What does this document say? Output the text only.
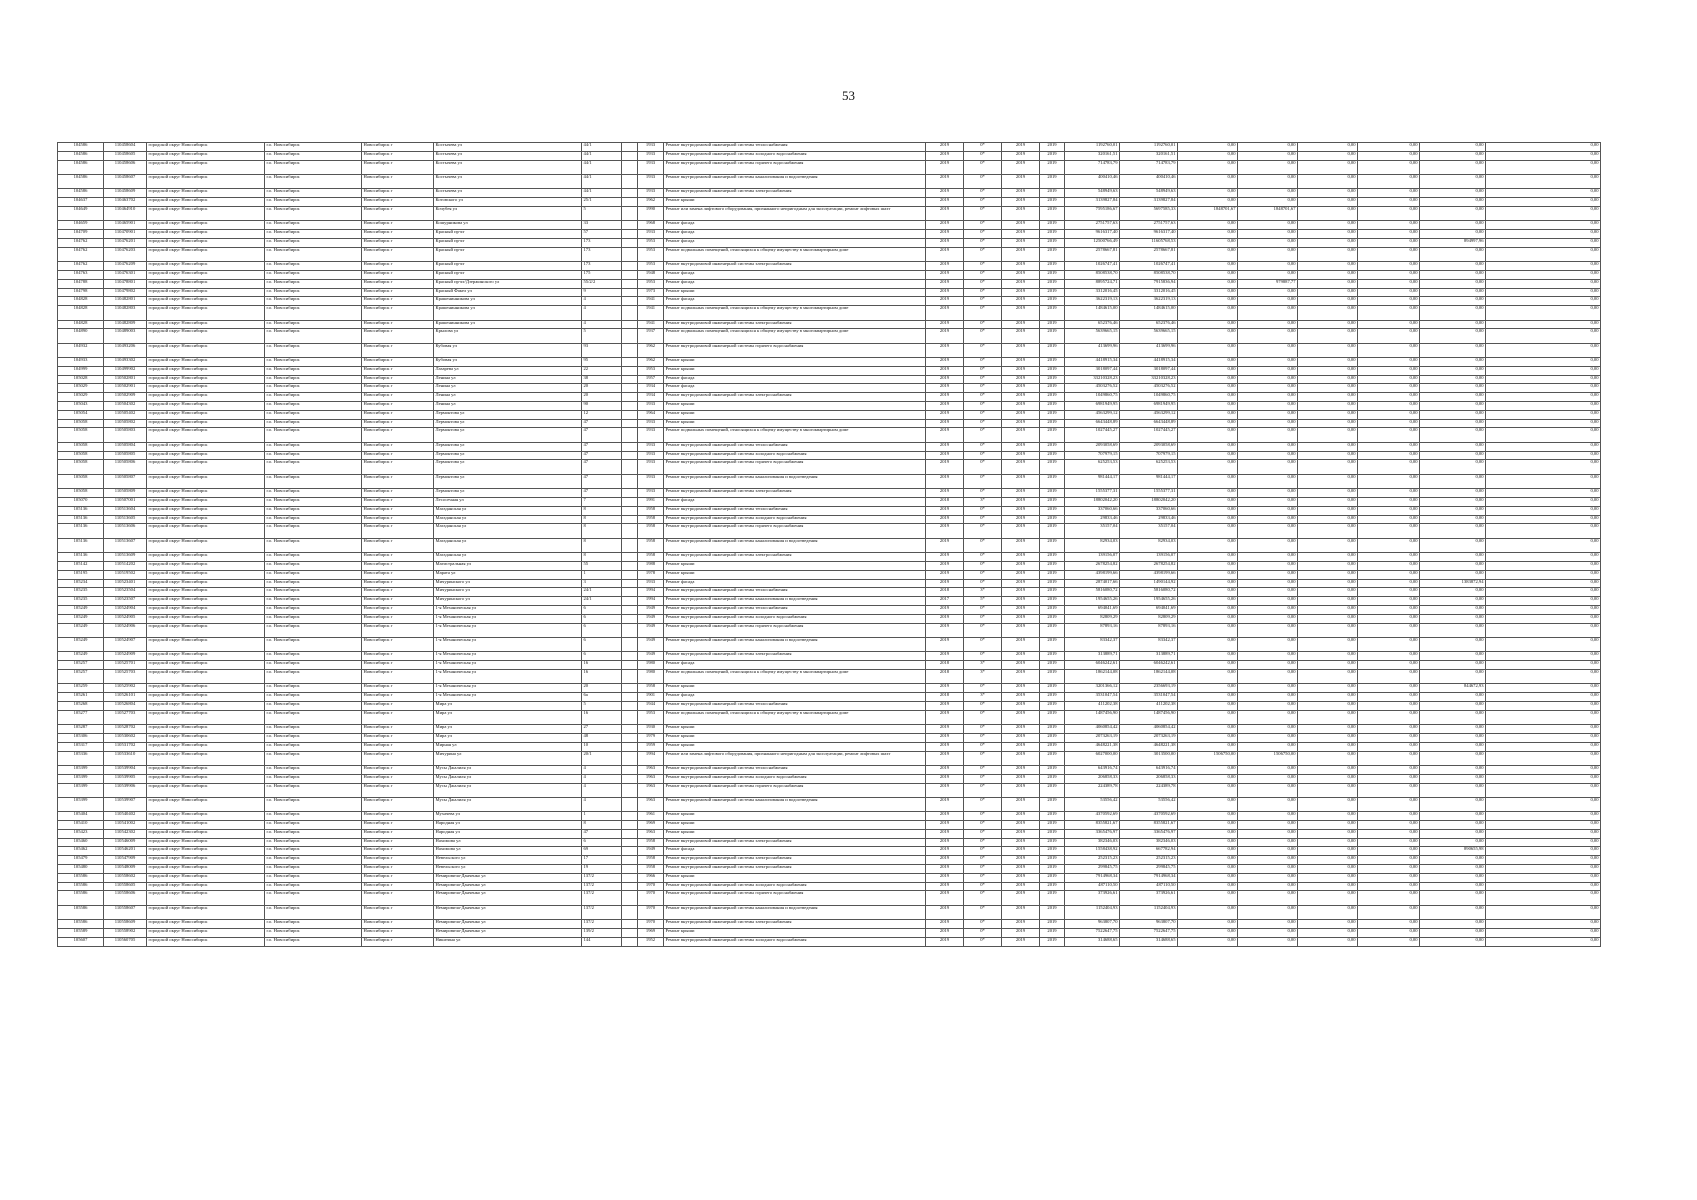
53
104586	110458604	городской округ Новосибирск	г.о. Новосибирск	Новосибирск г	Костычева ул	44/1		1933	Ремонт внутридомовой инженерной системы теплоснабжения	2019	0*	2019	2019	1192760,01	1192760,01	0,00	0,00	0,00	0,00	0,00	0,00
104586	110458605	городской округ Новосибирск	г.о. Новосибирск	Новосибирск г	Костычева ул	44/1		1933	Ремонт внутридомовой инженерной системы холодного водоснабжения	2019	0*	2019	2019	320161,51	320161,51	0,00	0,00	0,00	0,00	0,00	0,00
104586	110458606	городской округ Новосибирск	г.о. Новосибирск	Новосибирск г	Костычева ул	44/1		1933	Ремонт внутридомовой инженерной системы горячего водоснабжения	2019	0*	2019	2019	714783,79	714783,79	0,00	0,00	0,00	0,00	0,00	0,00
104586	110458607	городской округ Новосибирск	г.о. Новосибирск	Новосибирск г	Костычева ул	44/1		1933	Ремонт внутридомовой инженерной системы канализования и водоотведения	2019	0*	2019	2019	400410,46	400410,46	0,00	0,00	0,00	0,00	0,00	0,00
104586	110458609	городской округ Новосибирск	г.о. Новосибирск	Новосибирск г	Костычева ул	44/1		1933	Ремонт внутридомовой инженерной системы электроснабжения	2019	0*	2019	2019	548949,63	548949,63	0,00	0,00	0,00	0,00	0,00	0,00
104637	110463702	городской округ Новосибирск	г.о. Новосибирск	Новосибирск г	Котовского ул	25/1		1962	Ремонт крыши	2019	0*	2019	2019	3139827,84	3139827,84	0,00	0,00	0,00	0,00	0,00	0,00
104649	110464910	городской округ Новосибирск	г.о. Новосибирск	Новосибирск г	Кочубея ул	5		1990	Ремонт или замена лифтового оборудования, признанного непригодным для эксплуатации, ремонт лифтовых шахт	2019	0*	2019	2019	7595186,67	5697585,33	1848701,67	1848701,67	0,00	0,00	0,00	0,00
104659	110465901	городской округ Новосибирск	г.о. Новосибирск	Новосибирск г	Кошурникова ул	33		1968	Ремонт фасада	2019	0*	2019	2019	2751757,63	2751757,63	0,00	0,00	0,00	0,00	0,00	0,00
104709	110470901	городской округ Новосибирск	г.о. Новосибирск	Новосибирск г	Красный пр-кт	57		1933	Ремонт фасада	2019	0*	2019	2019	9616317,40	9616317,40	0,00	0,00	0,00	0,00	0,00	0,00
104762	110476201	городской округ Новосибирск	г.о. Новосибирск	Новосибирск г	Красный пр-кт	173		1953	Ремонт фасада	2019	0*	2019	2019	12500766,49	11605768,53	0,00	0,00	0,00	0,00	894997,96	0,00
104762	110476203	городской округ Новосибирск	г.о. Новосибирск	Новосибирск г	Красный пр-кт	173		1953	Ремонт подвальных помещений, относящихся к общему имуществу в многоквартирном доме	2019	0*	2019	2019	2578667,81	2578667,81	0,00	0,00	0,00	0,00	0,00	0,00
104762	110476209	городской округ Новосибирск	г.о. Новосибирск	Новосибирск г	Красный пр-кт	173		1953	Ремонт внутридомовой инженерной системы электроснабжения	2019	0*	2019	2019	1026747,41	1026747,41	0,00	0,00	0,00	0,00	0,00	0,00
104763	110476301	городской округ Новосибирск	г.о. Новосибирск	Новосибирск г	Красный пр-кт	175		1948	Ремонт фасада	2019	0*	2019	2019	8508538,70	8508538,70	0,00	0,00	0,00	0,00	0,00	0,00
104788	110478801	городской округ Новосибирск	г.о. Новосибирск	Новосибирск г	Красный пр-кт/Дзержинского ул	55/2/2		1953	Ремонт фасада	2019	0*	2019	2019	8895724,71	7915836,94	0,00	979887,77	0,00	0,00	0,00	0,00
104798	110479802	городской округ Новосибирск	г.о. Новосибирск	Новосибирск г	Красный Факел ул	9		1973	Ремонт крыши	2019	0*	2019	2019	3312016,45	3312016,45	0,00	0,00	0,00	0,00	0,00	0,00
104828	110482801	городской округ Новосибирск	г.о. Новосибирск	Новосибирск г	Крашенинникова ул	4		1941	Ремонт фасада	2019	0*	2019	2019	3622319,13	3622319,13	0,00	0,00	0,00	0,00	0,00	0,00
104828	110482803	городской округ Новосибирск	г.о. Новосибирск	Новосибирск г	Крашенинникова ул	4		1941	Ремонт подвальных помещений, относящихся к общему имуществу в многоквартирном доме	2019	0*	2019	2019	1484615,00	1484615,00	0,00	0,00	0,00	0,00	0,00	0,00
104828	110482809	городской округ Новосибирск	г.о. Новосибирск	Новосибирск г	Крашенинникова ул	4		1941	Ремонт внутридомовой инженерной системы электроснабжения	2019	0*	2019	2019	652376,46	652376,46	0,00	0,00	0,00	0,00	0,00	0,00
104890	110489003	городской округ Новосибирск	г.о. Новосибирск	Новосибирск г	Крылова ул	5		1937	Ремонт подвальных помещений, относящихся к общему имуществу в многоквартирном доме	2019	0*	2019	2019	5639665,15	5639665,15	0,00	0,00	0,00	0,00	0,00	0,00
104932	110493206	городской округ Новосибирск	г.о. Новосибирск	Новосибирск г	Кубовая ул	93		1962	Ремонт внутридомовой инженерной системы горячего водоснабжения	2019	0*	2019	2019	413699,96	413699,96	0,00	0,00	0,00	0,00	0,00	0,00
104933	110493302	городской округ Новосибирск	г.о. Новосибирск	Новосибирск г	Кубовая ул	95		1962	Ремонт крыши	2019	0*	2019	2019	4418915,34	4418915,34	0,00	0,00	0,00	0,00	0,00	0,00
104999	110499902	городской округ Новосибирск	г.о. Новосибирск	Новосибирск г	Лазарева ул	22		1953	Ремонт крыши	2019	0*	2019	2019	3018097,44	3018097,44	0,00	0,00	0,00	0,00	0,00	0,00
105028	110502801	городской округ Новосибирск	г.о. Новосибирск	Новосибирск г	Ленина ул	38		1957	Ремонт фасада	2019	0*	2019	2019	33210328,23	33210328,23	0,00	0,00	0,00	0,00	0,00	0,00
105029	110502901	городской округ Новосибирск	г.о. Новосибирск	Новосибирск г	Ленина ул	20		1934	Ремонт фасада	2019	0*	2019	2019	4503276,52	4503276,52	0,00	0,00	0,00	0,00	0,00	0,00
105029	110502909	городской округ Новосибирск	г.о. Новосибирск	Новосибирск г	Ленина ул	20		1934	Ремонт внутридомовой инженерной системы электроснабжения	2019	0*	2019	2019	1049860,75	1049860,75	0,00	0,00	0,00	0,00	0,00	0,00
105043	110504302	городской округ Новосибирск	г.о. Новосибирск	Новосибирск г	Ленина ул	90		1933	Ремонт крыши	2019	0*	2019	2019	6981949,95	6981949,95	0,00	0,00	0,00	0,00	0,00	0,00
105054	110505402	городской округ Новосибирск	г.о. Новосибирск	Новосибирск г	Лермонтова ул	12		1964	Ремонт крыши	2019	0*	2019	2019	4563299,12	4563299,12	0,00	0,00	0,00	0,00	0,00	0,00
105058	110505802	городской округ Новосибирск	г.о. Новосибирск	Новосибирск г	Лермонтова ул	47		1933	Ремонт крыши	2019	0*	2019	2019	6643448,89	6643448,89	0,00	0,00	0,00	0,00	0,00	0,00
105058	110505803	городской округ Новосибирск	г.о. Новосибирск	Новосибирск г	Лермонтова ул	47		1933	Ремонт подвальных помещений, относящихся к общему имуществу в многоквартирном доме	2019	0*	2019	2019	1027445,27	1027445,27	0,00	0,00	0,00	0,00	0,00	0,00
105058	110505804	городской округ Новосибирск	г.о. Новосибирск	Новосибирск г	Лермонтова ул	47		1933	Ремонт внутридомовой инженерной системы теплоснабжения	2019	0*	2019	2019	2093058,69	2093058,69	0,00	0,00	0,00	0,00	0,00	0,00
105058	110505805	городской округ Новосибирск	г.о. Новосибирск	Новосибирск г	Лермонтова ул	47		1933	Ремонт внутридомовой инженерной системы холодного водоснабжения	2019	0*	2019	2019	707979,15	707979,15	0,00	0,00	0,00	0,00	0,00	0,00
105058	110505806	городской округ Новосибирск	г.о. Новосибирск	Новосибирск г	Лермонтова ул	47		1933	Ремонт внутридомовой инженерной системы горячего водоснабжения	2019	0*	2019	2019	625253,53	625253,53	0,00	0,00	0,00	0,00	0,00	0,00
105058	110505807	городской округ Новосибирск	г.о. Новосибирск	Новосибирск г	Лермонтова ул	47		1933	Ремонт внутридомовой инженерной системы канализования и водоотведения	2019	0*	2019	2019	981444,17	981444,17	0,00	0,00	0,00	0,00	0,00	0,00
105058	110505809	городской округ Новосибирск	г.о. Новосибирск	Новосибирск г	Лермонтова ул	47		1933	Ремонт внутридомовой инженерной системы электроснабжения	2019	0*	2019	2019	1555377,31	1555377,31	0,00	0,00	0,00	0,00	0,00	0,00
105070	110507001	городской округ Новосибирск	г.о. Новосибирск	Новосибирск г	Лесосечная ул	7		1991	Ремонт фасада	2018	3*	2019	2019	18802042,20	18802042,20	0,00	0,00	0,00	0,00	0,00	0,00
105136	110513604	городской округ Новосибирск	г.о. Новосибирск	Новосибирск г	Магаданская ул	8		1958	Ремонт внутридомовой инженерной системы теплоснабжения	2019	0*	2019	2019	337060,66	337060,66	0,00	0,00	0,00	0,00	0,00	0,00
105136	110513605	городской округ Новосибирск	г.о. Новосибирск	Новосибирск г	Магаданская ул	8		1958	Ремонт внутридомовой инженерной системы холодного водоснабжения	2019	0*	2019	2019	29833,46	29833,46	0,00	0,00	0,00	0,00	0,00	0,00
105136	110513606	городской округ Новосибирск	г.о. Новосибирск	Новосибирск г	Магаданская ул	8		1958	Ремонт внутридомовой инженерной системы горячего водоснабжения	2019	0*	2019	2019	35157,04	35157,04	0,00	0,00	0,00	0,00	0,00	0,00
105136	110513607	городской округ Новосибирск	г.о. Новосибирск	Новосибирск г	Магаданская ул	8		1958	Ремонт внутридомовой инженерной системы канализования и водоотведения	2019	0*	2019	2019	82934,03	82934,03	0,00	0,00	0,00	0,00	0,00	0,00
105136	110513609	городской округ Новосибирск	г.о. Новосибирск	Новосибирск г	Магаданская ул	8		1958	Ремонт внутридомовой инженерной системы электроснабжения	2019	0*	2019	2019	139156,07	139156,07	0,00	0,00	0,00	0,00	0,00	0,00
105142	110514202	городской округ Новосибирск	г.о. Новосибирск	Новосибирск г	Магистральная ул	55		1988	Ремонт крыши	2019	0*	2019	2019	2678254,82	2678254,82	0,00	0,00	0,00	0,00	0,00	0,00
105195	110519502	городской округ Новосибирск	г.о. Новосибирск	Новосибирск г	Марата ул	1		1978	Ремонт крыши	2019	0*	2019	2019	4398199,66	4398199,66	0,00	0,00	0,00	0,00	0,00	0,00
105234	110523401	городской округ Новосибирск	г.о. Новосибирск	Новосибирск г	Мичуринского ул	3		1933	Ремонт фасада	2019	0*	2019	2019	2874017,66	1490144,92	0,00	0,00	0,00	0,00	1383872,94	0,00
105235	110523504	городской округ Новосибирск	г.о. Новосибирск	Новосибирск г	Мичуринского ул	24/1		1994	Ремонт внутридомовой инженерной системы теплоснабжения	2018	3*	2019	2019	5816080,72	5816080,72	0,00	0,00	0,00	0,00	0,00	0,00
105235	110523507	городской округ Новосибирск	г.о. Новосибирск	Новосибирск г	Мичуринского ул	24/1		1994	Ремонт внутридомовой инженерной системы канализования и водоотведения	2017	5*	2019	2019	1954655,26	1954655,26	0,00	0,00	0,00	0,00	0,00	0,00
105249	110524904	городской округ Новосибирск	г.о. Новосибирск	Новосибирск г	1-я Механическая ул	6		1949	Ремонт внутридомовой инженерной системы теплоснабжения	2019	0*	2019	2019	694041,69	694041,69	0,00	0,00	0,00	0,00	0,00	0,00
105249	110524905	городской округ Новосибирск	г.о. Новосибирск	Новосибирск г	1-я Механическая ул	6		1949	Ремонт внутридомовой инженерной системы холодного водоснабжения	2019	0*	2019	2019	82809,29	82809,29	0,00	0,00	0,00	0,00	0,00	0,00
105249	110524906	городской округ Новосибирск	г.о. Новосибирск	Новосибирск г	1-я Механическая ул	6		1949	Ремонт внутридомовой инженерной системы горячего водоснабжения	2019	0*	2019	2019	87893,16	87893,16	0,00	0,00	0,00	0,00	0,00	0,00
105249	110524907	городской округ Новосибирск	г.о. Новосибирск	Новосибирск г	1-я Механическая ул	6		1949	Ремонт внутридомовой инженерной системы канализования и водоотведения	2019	0*	2019	2019	83342,37	83342,37	0,00	0,00	0,00	0,00	0,00	0,00
105249	110524909	городской округ Новосибирск	г.о. Новосибирск	Новосибирск г	1-я Механическая ул	6		1949	Ремонт внутридомовой инженерной системы электроснабжения	2019	0*	2019	2019	313889,71	313889,71	0,00	0,00	0,00	0,00	0,00	0,00
105257	110525701	городской округ Новосибирск	г.о. Новосибирск	Новосибирск г	1-я Механическая ул	16		1980	Ремонт фасада	2018	3*	2019	2019	6046242,61	6046242,61	0,00	0,00	0,00	0,00	0,00	0,00
105257	110525703	городской округ Новосибирск	г.о. Новосибирск	Новосибирск г	1-я Механическая ул	16		1980	Ремонт подвальных помещений, относящихся к общему имуществу в многоквартирном доме	2018	3*	2019	2019	1862144,08	1862144,08	0,00	0,00	0,00	0,00	0,00	0,00
105259	110525902	городской округ Новосибирск	г.о. Новосибирск	Новосибирск г	1-я Механическая ул	20		1958	Ремонт крыши	2019	0*	2019	2019	3201366,12	2356693,19	0,00	0,00	0,00	0,00	844672,93	0,00
105261	110526101	городской округ Новосибирск	г.о. Новосибирск	Новосибирск г	1-я Механическая ул	6а		1901	Ремонт фасада	2018	3*	2019	2019	3531047,54	3531047,54	0,00	0,00	0,00	0,00	0,00	0,00
105268	110526804	городской округ Новосибирск	г.о. Новосибирск	Новосибирск г	Мира ул	5		1944	Ремонт внутридомовой инженерной системы теплоснабжения	2019	0*	2019	2019	411202,38	411202,38	0,00	0,00	0,00	0,00	0,00	0,00
105277	110527703	городской округ Новосибирск	г.о. Новосибирск	Новосибирск г	Мира ул	16		1953	Ремонт подвальных помещений, относящихся к общему имуществу в многоквартирном доме	2019	0*	2019	2019	1487456,90	1487456,90	0,00	0,00	0,00	0,00	0,00	0,00
105287	110528702	городской округ Новосибирск	г.о. Новосибирск	Новосибирск г	Мира ул	27		1930	Ремонт крыши	2019	0*	2019	2019	4060854,42	4060854,42	0,00	0,00	0,00	0,00	0,00	0,00
105306	110530602	городской округ Новосибирск	г.о. Новосибирск	Новосибирск г	Мира ул	48		1979	Ремонт крыши	2019	0*	2019	2019	2073263,19	2073263,19	0,00	0,00	0,00	0,00	0,00	0,00
105317	110531702	городской округ Новосибирск	г.о. Новосибирск	Новосибирск г	Мирная ул	10		1959	Ремонт крыши	2019	0*	2019	2019	4648221,38	4648221,38	0,00	0,00	0,00	0,00	0,00	0,00
105336	110533610	городской округ Новосибирск	г.о. Новосибирск	Новосибирск г	Мичурина ул	20/1		1994	Ремонт или замена лифтового оборудования, признанного непригодным для эксплуатации, ремонт лифтовых шахт	2019	0*	2019	2019	6027000,00	3013500,00	1506750,00	1506750,00	0,00	0,00	0,00	0,00
105399	110539904	городской округ Новосибирск	г.о. Новосибирск	Новосибирск г	Мусы Джалиля ул	4		1963	Ремонт внутридомовой инженерной системы теплоснабжения	2019	0*	2019	2019	643916,74	643916,74	0,00	0,00	0,00	0,00	0,00	0,00
105399	110539905	городской округ Новосибирск	г.о. Новосибирск	Новосибирск г	Мусы Джалиля ул	4		1963	Ремонт внутридомовой инженерной системы холодного водоснабжения	2019	0*	2019	2019	206858,33	206858,33	0,00	0,00	0,00	0,00	0,00	0,00
105399	110539906	городской округ Новосибирск	г.о. Новосибирск	Новосибирск г	Мусы Джалиля ул	4		1963	Ремонт внутридомовой инженерной системы горячего водоснабжения	2019	0*	2019	2019	224389,78	224389,78	0,00	0,00	0,00	0,00	0,00	0,00
105399	110539907	городской округ Новосибирск	г.о. Новосибирск	Новосибирск г	Мусы Джалиля ул	4		1963	Ремонт внутридомовой инженерной системы канализования и водоотведения	2019	0*	2019	2019	53556,42	53556,42	0,00	0,00	0,00	0,00	0,00	0,00
105404	110540402	городской округ Новосибирск	г.о. Новосибирск	Новосибирск г	Мухачева ул	1		1961	Ремонт крыши	2019	0*	2019	2019	4370592,69	4370592,69	0,00	0,00	0,00	0,00	0,00	0,00
105410	110541002	городской округ Новосибирск	г.о. Новосибирск	Новосибирск г	Народная ул	8		1969	Ремонт крыши	2019	0*	2019	2019	8355821,67	8355821,67	0,00	0,00	0,00	0,00	0,00	0,00
105423	110542302	городской округ Новосибирск	г.о. Новосибирск	Новосибирск г	Народная ул	47		1963	Ремонт крыши	2019	0*	2019	2019	3365476,97	3365476,97	0,00	0,00	0,00	0,00	0,00	0,00
105460	110546009	городской округ Новосибирск	г.о. Новосибирск	Новосибирск г	Нахимова ул	6		1958	Ремонт внутридомовой инженерной системы электроснабжения	2019	0*	2019	2019	382346,03	382346,03	0,00	0,00	0,00	0,00	0,00	0,00
105462	110546201	городской округ Новосибирск	г.о. Новосибирск	Новосибирск г	Нахимова ул	69		1949	Ремонт фасада	2019	0*	2019	2019	1558438,92	667782,94	0,00	0,00	0,00	0,00	890655,98	0,00
105479	110547909	городской округ Новосибирск	г.о. Новосибирск	Новосибирск г	Невельского ул	17		1958	Ремонт внутридомовой инженерной системы электроснабжения	2019	0*	2019	2019	252315,23	252315,23	0,00	0,00	0,00	0,00	0,00	0,00
105480	110548009	городской округ Новосибирск	г.о. Новосибирск	Новосибирск г	Невельского ул	19		1958	Ремонт внутридомовой инженерной системы электроснабжения	2019	0*	2019	2019	299845,75	299845,75	0,00	0,00	0,00	0,00	0,00	0,00
105586	110558602	городской округ Новосибирск	г.о. Новосибирск	Новосибирск г	Немировича-Данченко ул	137/2		1966	Ремонт крыши	2019	0*	2019	2019	7914968,34	7914968,34	0,00	0,00	0,00	0,00	0,00	0,00
105586	110558605	городской округ Новосибирск	г.о. Новосибирск	Новосибирск г	Немировича-Данченко ул	137/2		1970	Ремонт внутридомовой инженерной системы холодного водоснабжения	2019	0*	2019	2019	487110,50	487110,50	0,00	0,00	0,00	0,00	0,00	0,00
105586	110558606	городской округ Новосибирск	г.о. Новосибирск	Новосибирск г	Немировича-Данченко ул	137/2		1970	Ремонт внутридомовой инженерной системы горячего водоснабжения	2019	0*	2019	2019	373926,61	373926,61	0,00	0,00	0,00	0,00	0,00	0,00
105586	110558607	городской округ Новосибирск	г.о. Новосибирск	Новосибирск г	Немировича-Данченко ул	137/2		1970	Ремонт внутридомовой инженерной системы канализования и водоотведения	2019	0*	2019	2019	1152404,93	1152404,93	0,00	0,00	0,00	0,00	0,00	0,00
105586	110558609	городской округ Новосибирск	г.о. Новосибирск	Новосибирск г	Немировича-Данченко ул	137/2		1970	Ремонт внутридомовой инженерной системы электроснабжения	2019	0*	2019	2019	963807,70	963807,70	0,00	0,00	0,00	0,00	0,00	0,00
105589	110558902	городской округ Новосибирск	г.о. Новосибирск	Новосибирск г	Немировича-Данченко ул	139/2		1969	Ремонт крыши	2019	0*	2019	2019	7522647,75	7522647,75	0,00	0,00	0,00	0,00	0,00	0,00
105607	110560705	городской округ Новосибирск	г.о. Новосибирск	Новосибирск г	Никитина ул	144		1952	Ремонт внутридомовой инженерной системы холодного водоснабжения	2019	0*	2019	2019	314688,65	314688,65	0,00	0,00	0,00	0,00	0,00	0,00
